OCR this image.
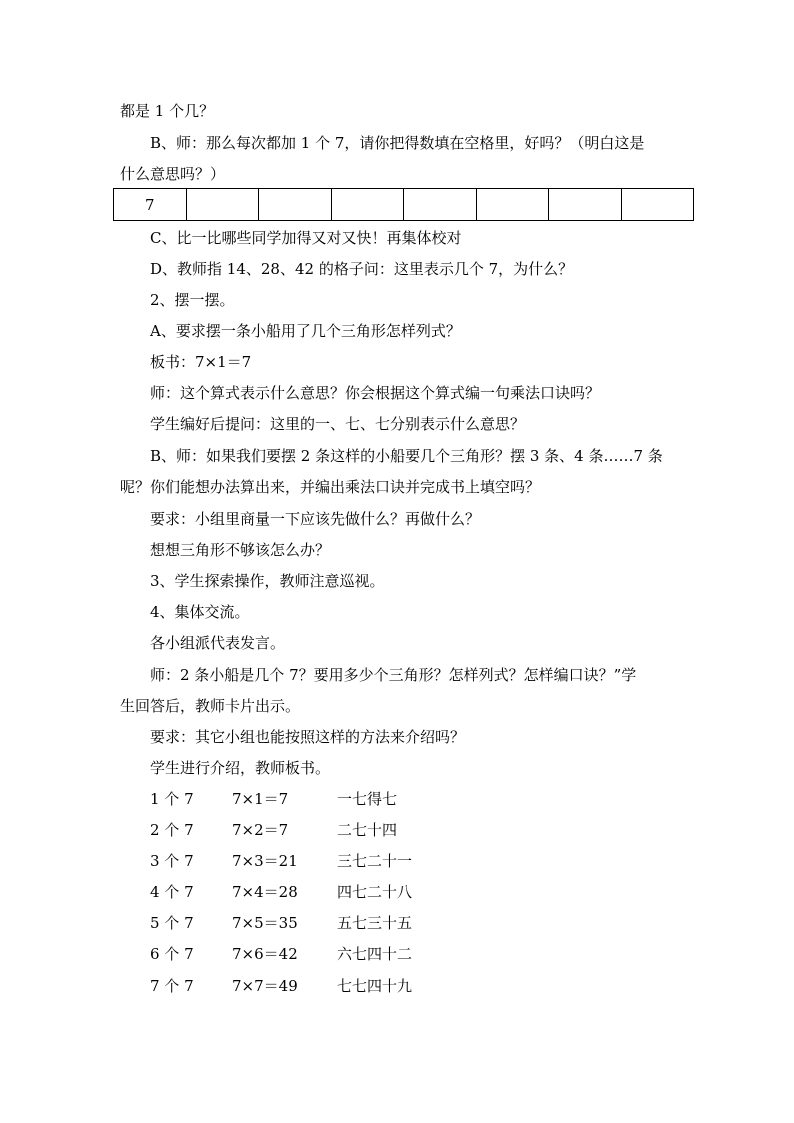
都是 1 个几？
B、师：那么每次都加 1 个 7，请你把得数填在空格里，好吗？（明白这是
什么意思吗？）
7							
C、比一比哪些同学加得又对又快！再集体校对
D、教师指 14、28、42 的格子问：这里表示几个 7，为什么？
2、摆一摆。
A、要求摆一条小船用了几个三角形怎样列式？
板书：7×1＝7
师：这个算式表示什么意思？你会根据这个算式编一句乘法口诀吗？
学生编好后提问：这里的一、七、七分别表示什么意思？
B、师：如果我们要摆 2 条这样的小船要几个三角形？摆 3 条、4 条……7 条
呢？你们能想办法算出来，并编出乘法口诀并完成书上填空吗？
要求：小组里商量一下应该先做什么？再做什么？
想想三角形不够该怎么办？
3、学生探索操作，教师注意巡视。
4、集体交流。
各小组派代表发言。
师：2 条小船是几个 7？要用多少个三角形？怎样列式？怎样编口诀？”学
生回答后，教师卡片出示。
要求：其它小组也能按照这样的方法来介绍吗？
学生进行介绍，教师板书。
1 个 7	7×1＝7	一七得七
2 个 7	7×2＝7	二七十四
3 个 7	7×3＝21	三七二十一
4 个 7	7×4＝28	四七二十八
5 个 7	7×5＝35	五七三十五
6 个 7	7×6＝42	六七四十二
7 个 7	7×7＝49	七七四十九
